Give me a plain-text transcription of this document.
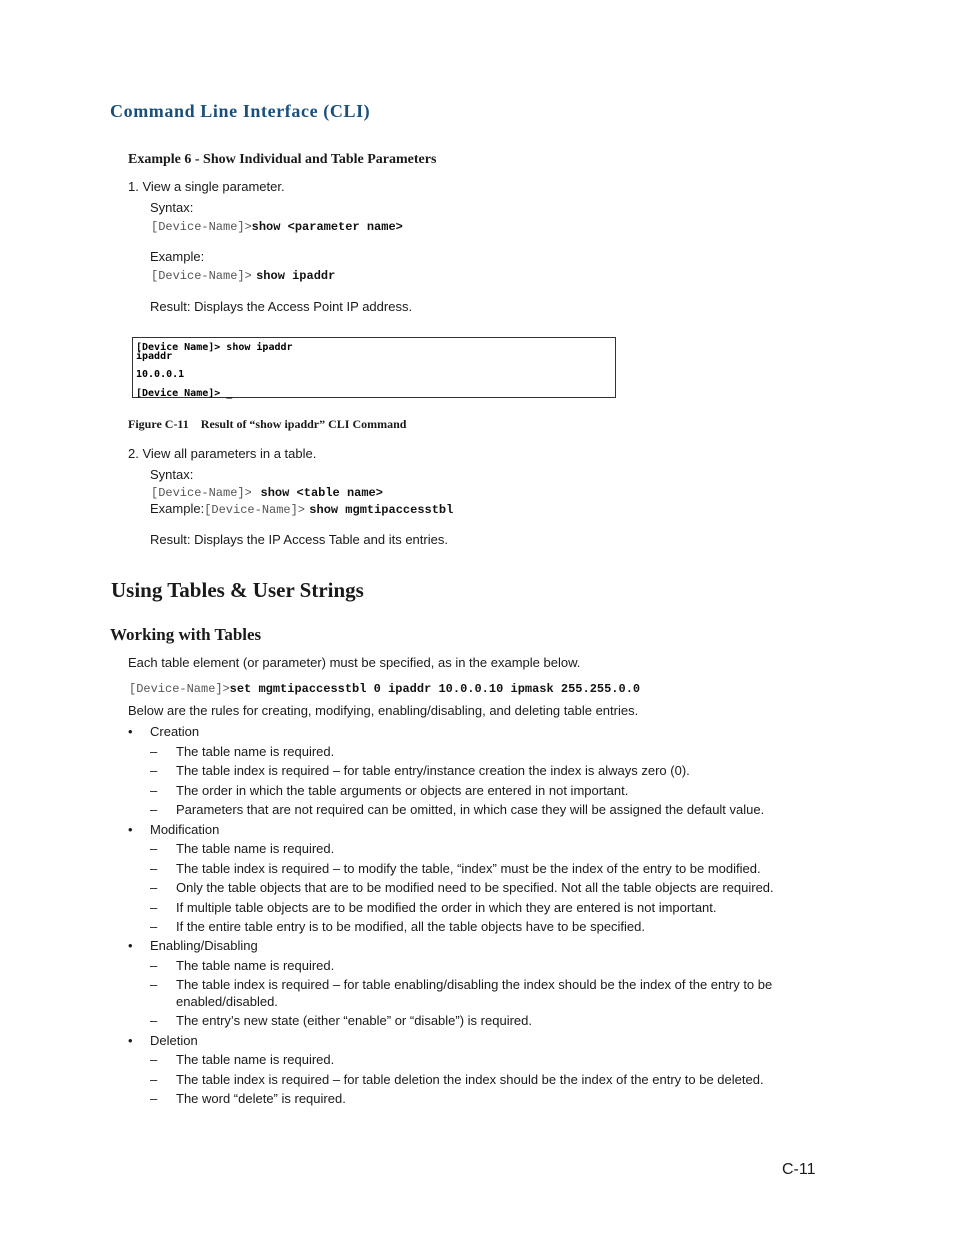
Command Line Interface (CLI)
Example 6 - Show Individual and Table Parameters
1. View a single parameter.
Syntax:
[Device-Name]>show <parameter name>
Example:
[Device-Name]> show ipaddr
Result: Displays the Access Point IP address.
[Device Name]> show ipaddr
ipaddr
10.0.0.1
[Device Name]> _
Figure C-11    Result of “show ipaddr” CLI Command
2. View all parameters in a table.
Syntax:
[Device-Name]> show <table name>
Example:[Device-Name]> show mgmtipaccesstbl
Result: Displays the IP Access Table and its entries.
Using Tables & User Strings
Working with Tables
Each table element (or parameter) must be specified, as in the example below.
[Device-Name]>set mgmtipaccesstbl 0 ipaddr 10.0.0.10 ipmask 255.255.0.0
Below are the rules for creating, modifying, enabling/disabling, and deleting table entries.
• Creation
– The table name is required.
– The table index is required – for table entry/instance creation the index is always zero (0).
– The order in which the table arguments or objects are entered in not important.
– Parameters that are not required can be omitted, in which case they will be assigned the default value.
• Modification
– The table name is required.
– The table index is required – to modify the table, “index” must be the index of the entry to be modified.
– Only the table objects that are to be modified need to be specified. Not all the table objects are required.
– If multiple table objects are to be modified the order in which they are entered is not important.
– If the entire table entry is to be modified, all the table objects have to be specified.
• Enabling/Disabling
– The table name is required.
– The table index is required – for table enabling/disabling the index should be the index of the entry to be
enabled/disabled.
– The entry’s new state (either “enable” or “disable”) is required.
• Deletion
– The table name is required.
– The table index is required – for table deletion the index should be the index of the entry to be deleted.
– The word “delete” is required.
C-11
